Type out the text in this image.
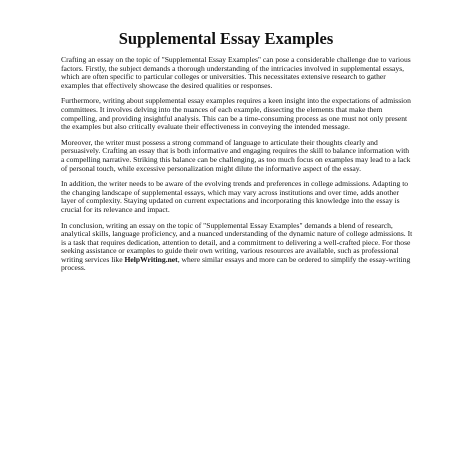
Supplemental Essay Examples

Crafting an essay on the topic of "Supplemental Essay Examples" can pose a considerable challenge due to various factors. Firstly, the subject demands a thorough understanding of the intricacies involved in supplemental essays, which are often specific to particular colleges or universities. This necessitates extensive research to gather examples that effectively showcase the desired qualities or responses.

Furthermore, writing about supplemental essay examples requires a keen insight into the expectations of admission committees. It involves delving into the nuances of each example, dissecting the elements that make them compelling, and providing insightful analysis. This can be a time-consuming process as one must not only present the examples but also critically evaluate their effectiveness in conveying the intended message.

Moreover, the writer must possess a strong command of language to articulate their thoughts clearly and persuasively. Crafting an essay that is both informative and engaging requires the skill to balance information with a compelling narrative. Striking this balance can be challenging, as too much focus on examples may lead to a lack of personal touch, while excessive personalization might dilute the informative aspect of the essay.

In addition, the writer needs to be aware of the evolving trends and preferences in college admissions. Adapting to the changing landscape of supplemental essays, which may vary across institutions and over time, adds another layer of complexity. Staying updated on current expectations and incorporating this knowledge into the essay is crucial for its relevance and impact.

In conclusion, writing an essay on the topic of "Supplemental Essay Examples" demands a blend of research, analytical skills, language proficiency, and a nuanced understanding of the dynamic nature of college admissions. It is a task that requires dedication, attention to detail, and a commitment to delivering a well-crafted piece. For those seeking assistance or examples to guide their own writing, various resources are available, such as professional writing services like HelpWriting.net, where similar essays and more can be ordered to simplify the essay-writing process.
